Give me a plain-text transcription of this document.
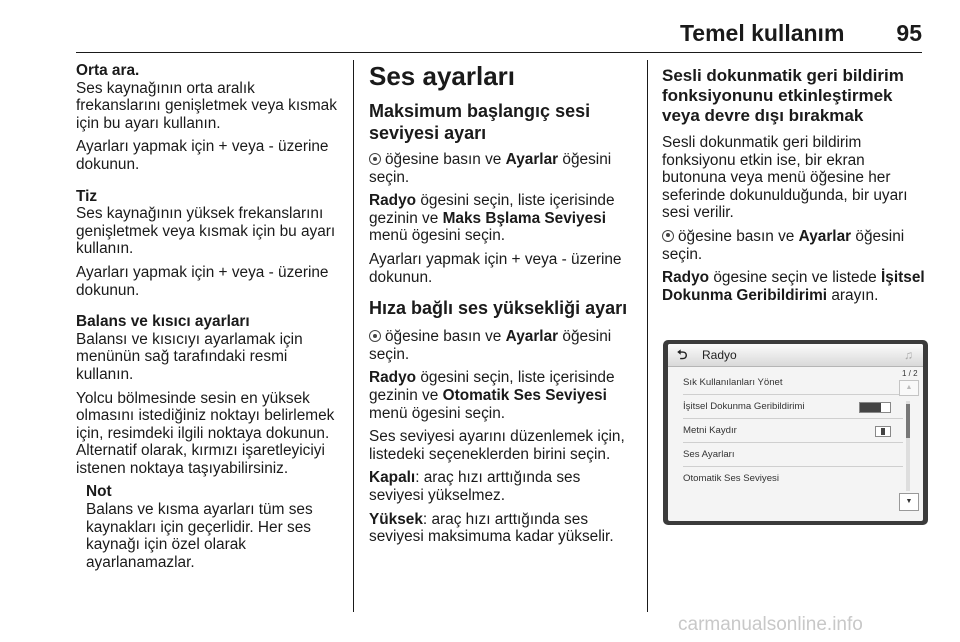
Temel kullanım 95

Orta ara.

Ses kaynağının orta aralık frekanslarını genişletmek veya kısmak için bu ayarı kullanın.

Ayarları yapmak için + veya - üzerine dokunun.

Tiz

Ses kaynağının yüksek frekanslarını genişletmek veya kısmak için bu ayarı kullanın.

Ayarları yapmak için + veya - üzerine dokunun.

Balans ve kısıcı ayarları

Balansı ve kısıcıyı ayarlamak için menünün sağ tarafındaki resmi kullanın.

Yolcu bölmesinde sesin en yüksek olmasını istediğiniz noktayı belirlemek için, resimdeki ilgili noktaya dokunun. Alternatif olarak, kırmızı işaretleyiciyi istenen noktaya taşıyabilirsiniz.

Not

Balans ve kısma ayarları tüm ses kaynakları için geçerlidir. Her ses kaynağı için özel olarak ayarlanamazlar.

Ses ayarları
Maksimum başlangıç sesi seviyesi ayarı

öğesine basın ve Ayarlar öğesini seçin.

Radyo ögesini seçin, liste içerisinde gezinin ve Maks Bşlama Seviyesi menü ögesini seçin.

Ayarları yapmak için + veya - üzerine dokunun.

Hıza bağlı ses yüksekliği ayarı

öğesine basın ve Ayarlar öğesini seçin.

Radyo ögesini seçin, liste içerisinde gezinin ve Otomatik Ses Seviyesi menü ögesini seçin.

Ses seviyesi ayarını düzenlemek için, listedeki seçeneklerden birini seçin.

Kapalı: araç hızı arttığında ses seviyesi yükselmez.

Yüksek: araç hızı arttığında ses seviyesi maksimuma kadar yükselir.

Sesli dokunmatik geri bildirim fonksiyonunu etkinleştirmek veya devre dışı bırakmak

Sesli dokunmatik geri bildirim fonksiyonu etkin ise, bir ekran butonuna veya menü öğesine her seferinde dokunulduğunda, bir uyarı sesi verilir.

öğesine basın ve Ayarlar öğesini seçin.

Radyo ögesine seçin ve listede İşitsel Dokunma Geribildirimi arayın.

⮌ Radyo	♫
Sık Kullanılanları Yönet
İşitsel Dokunma Geribildirimi
Metni Kaydır
Ses Ayarları
Otomatik Ses Seviyesi
1 / 2
▲
▼
carmanualsonline.info
